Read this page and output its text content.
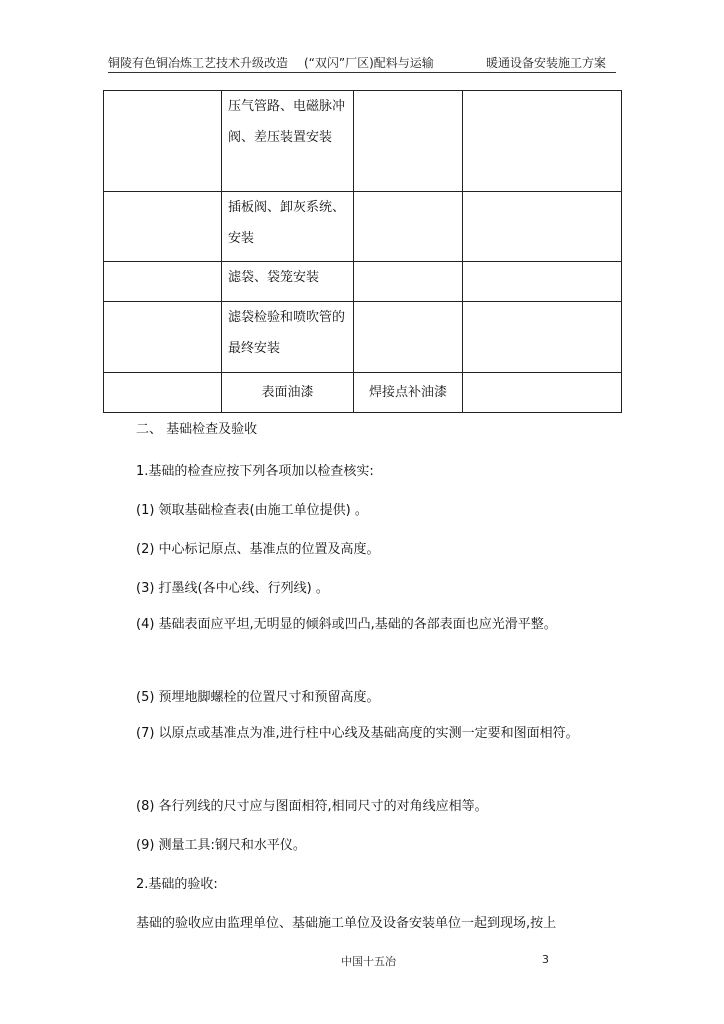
铜陵有色铜冶炼工艺技术升级改造 (“双闪”厂区)配料与运输	暖通设备安装施工方案
	压气管路、电磁脉冲阀、差压装置安装		
	插板阀、卸灰系统、安装		
	滤袋、袋笼安装		
	滤袋检验和喷吹管的最终安装		
	表面油漆	焊接点补油漆	
二、 基础检查及验收
1.基础的检查应按下列各项加以检查核实:
(1) 领取基础检查表(由施工单位提供) 。
(2) 中心标记原点、基准点的位置及高度。
(3) 打墨线(各中心线、行列线) 。
(4) 基础表面应平坦,无明显的倾斜或凹凸,基础的各部表面也应光滑平整。
(5) 预埋地脚螺栓的位置尺寸和预留高度。
(7) 以原点或基准点为准,进行柱中心线及基础高度的实测一定要和图面相符。
(8) 各行列线的尺寸应与图面相符,相同尺寸的对角线应相等。
(9) 测量工具:钢尺和水平仪。
2.基础的验收:
基础的验收应由监理单位、基础施工单位及设备安装单位一起到现场,按上
中国十五冶	3
